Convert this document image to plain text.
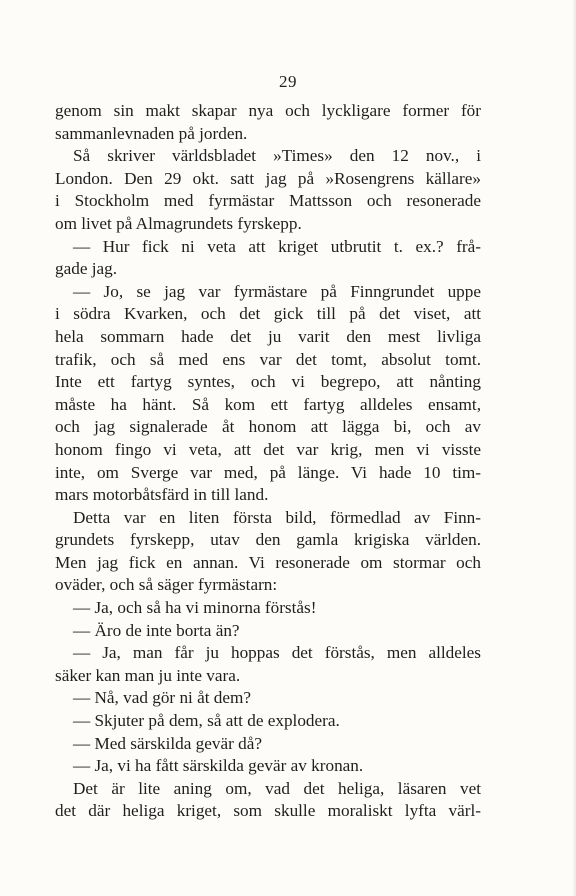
29
genom sin makt skapar nya och lyckligare former för
sammanlevnaden på jorden.
Så skriver världsbladet »Times» den 12 nov., i
London. Den 29 okt. satt jag på »Rosengrens källare»
i Stockholm med fyrmästar Mattsson och resonerade
om livet på Almagrundets fyrskepp.
— Hur fick ni veta att kriget utbrutit t. ex.? frå-
gade jag.
— Jo, se jag var fyrmästare på Finngrundet uppe
i södra Kvarken, och det gick till på det viset, att
hela sommarn hade det ju varit den mest livliga
trafik, och så med ens var det tomt, absolut tomt.
Inte ett fartyg syntes, och vi begrepo, att nånting
måste ha hänt. Så kom ett fartyg alldeles ensamt,
och jag signalerade åt honom att lägga bi, och av
honom fingo vi veta, att det var krig, men vi visste
inte, om Sverge var med, på länge. Vi hade 10 tim-
mars motorbåtsfärd in till land.
Detta var en liten första bild, förmedlad av Finn-
grundets fyrskepp, utav den gamla krigiska världen.
Men jag fick en annan. Vi resonerade om stormar och
oväder, och så säger fyrmästarn:
— Ja, och så ha vi minorna förstås!
— Äro de inte borta än?
— Ja, man får ju hoppas det förstås, men alldeles
säker kan man ju inte vara.
— Nå, vad gör ni åt dem?
— Skjuter på dem, så att de explodera.
— Med särskilda gevär då?
— Ja, vi ha fått särskilda gevär av kronan.
Det är lite aning om, vad det heliga, läsaren vet
det där heliga kriget, som skulle moraliskt lyfta värl-
